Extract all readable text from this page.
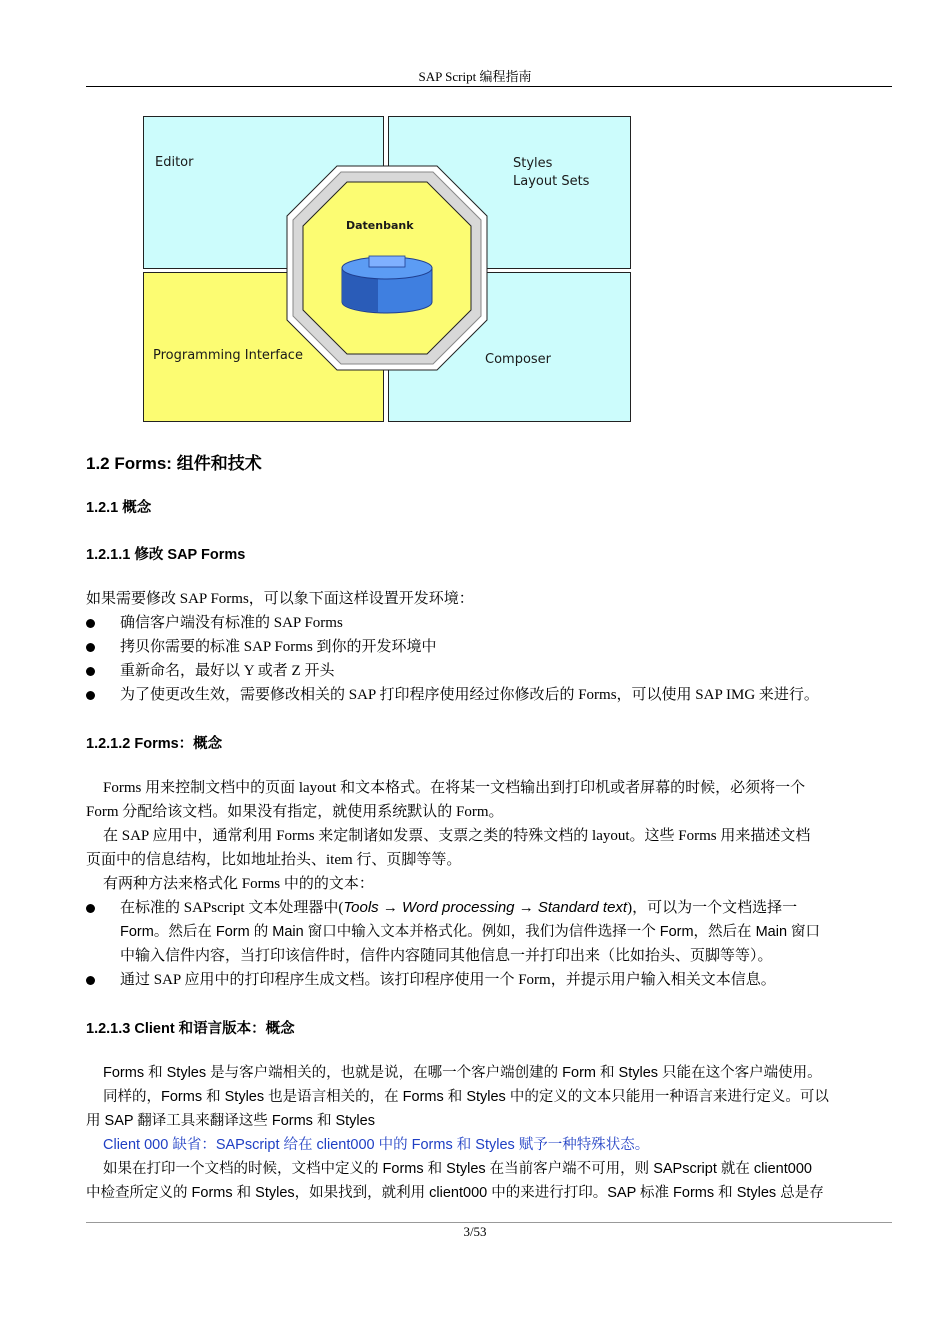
SAP Script 编程指南
Editor	Styles
Layout Sets
Datenbank
Programming Interface	Composer
1.2 Forms: 组件和技术
1.2.1 概念
1.2.1.1 修改 SAP Forms
如果需要修改 SAP Forms，可以象下面这样设置开发环境：
确信客户端没有标准的 SAP Forms
拷贝你需要的标准 SAP Forms 到你的开发环境中
重新命名，最好以 Y 或者 Z 开头
为了使更改生效，需要修改相关的 SAP 打印程序使用经过你修改后的 Forms，可以使用 SAP IMG 来进行。
1.2.1.2 Forms：概念
Forms 用来控制文档中的页面 layout 和文本格式。在将某一文档输出到打印机或者屏幕的时候，必须将一个
Form 分配给该文档。如果没有指定，就使用系统默认的 Form。
在 SAP 应用中，通常利用 Forms 来定制诸如发票、支票之类的特殊文档的 layout。这些 Forms 用来描述文档
页面中的信息结构，比如地址抬头、item 行、页脚等等。
有两种方法来格式化 Forms 中的的文本：
在标准的 SAPscript 文本处理器中(Tools → Word processing → Standard text)，可以为一个文档选择一
Form。然后在 Form 的 Main 窗口中输入文本并格式化。例如，我们为信件选择一个 Form，然后在 Main 窗口
中输入信件内容，当打印该信件时，信件内容随同其他信息一并打印出来（比如抬头、页脚等等）。
通过 SAP 应用中的打印程序生成文档。该打印程序使用一个 Form，并提示用户输入相关文本信息。
1.2.1.3 Client 和语言版本：概念
Forms 和 Styles 是与客户端相关的，也就是说，在哪一个客户端创建的 Form 和 Styles 只能在这个客户端使用。
同样的，Forms 和 Styles 也是语言相关的，在 Forms 和 Styles 中的定义的文本只能用一种语言来进行定义。可以
用 SAP 翻译工具来翻译这些 Forms 和 Styles
Client 000 缺省：SAPscript 给在 client000 中的 Forms 和 Styles 赋予一种特殊状态。
如果在打印一个文档的时候，文档中定义的 Forms 和 Styles 在当前客户端不可用，则 SAPscript 就在 client000
中检查所定义的 Forms 和 Styles，如果找到，就利用 client000 中的来进行打印。SAP 标准 Forms 和 Styles 总是存
3/53
